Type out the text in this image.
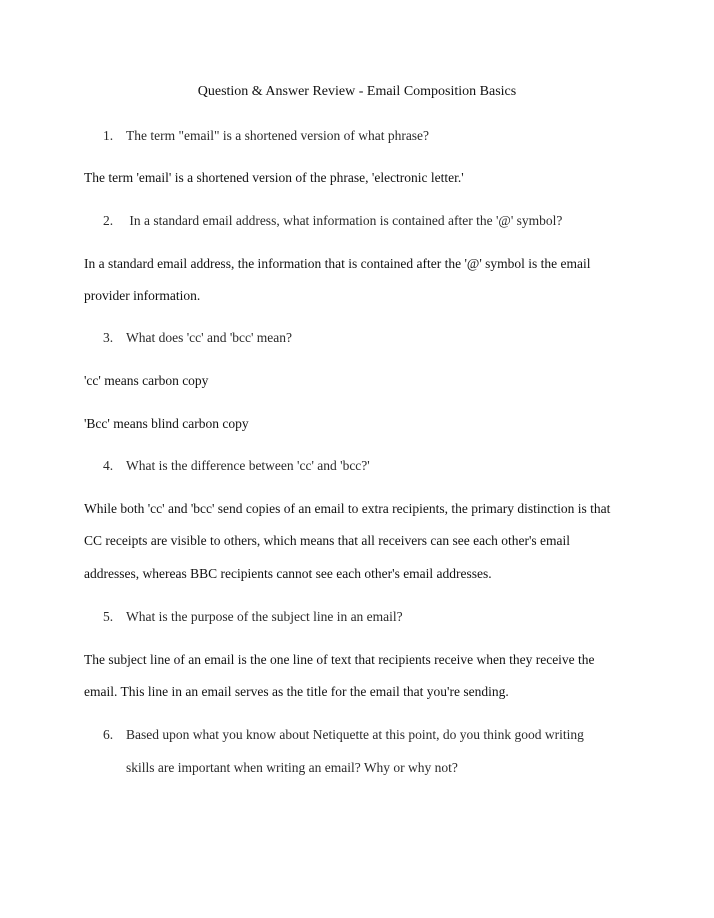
Question & Answer Review - Email Composition Basics
1. The term "email" is a shortened version of what phrase?
The term 'email' is a shortened version of the phrase, 'electronic letter.'
2. In a standard email address, what information is contained after the '@' symbol?
In a standard email address, the information that is contained after the '@' symbol is the email
provider information.
3. What does 'cc' and 'bcc' mean?
'cc' means carbon copy
'Bcc' means blind carbon copy
4. What is the difference between 'cc' and 'bcc?'
While both 'cc' and 'bcc' send copies of an email to extra recipients, the primary distinction is that
CC receipts are visible to others, which means that all receivers can see each other's email
addresses, whereas BBC recipients cannot see each other's email addresses.
5. What is the purpose of the subject line in an email?
The subject line of an email is the one line of text that recipients receive when they receive the
email. This line in an email serves as the title for the email that you're sending.
6. Based upon what you know about Netiquette at this point, do you think good writing
skills are important when writing an email? Why or why not?
